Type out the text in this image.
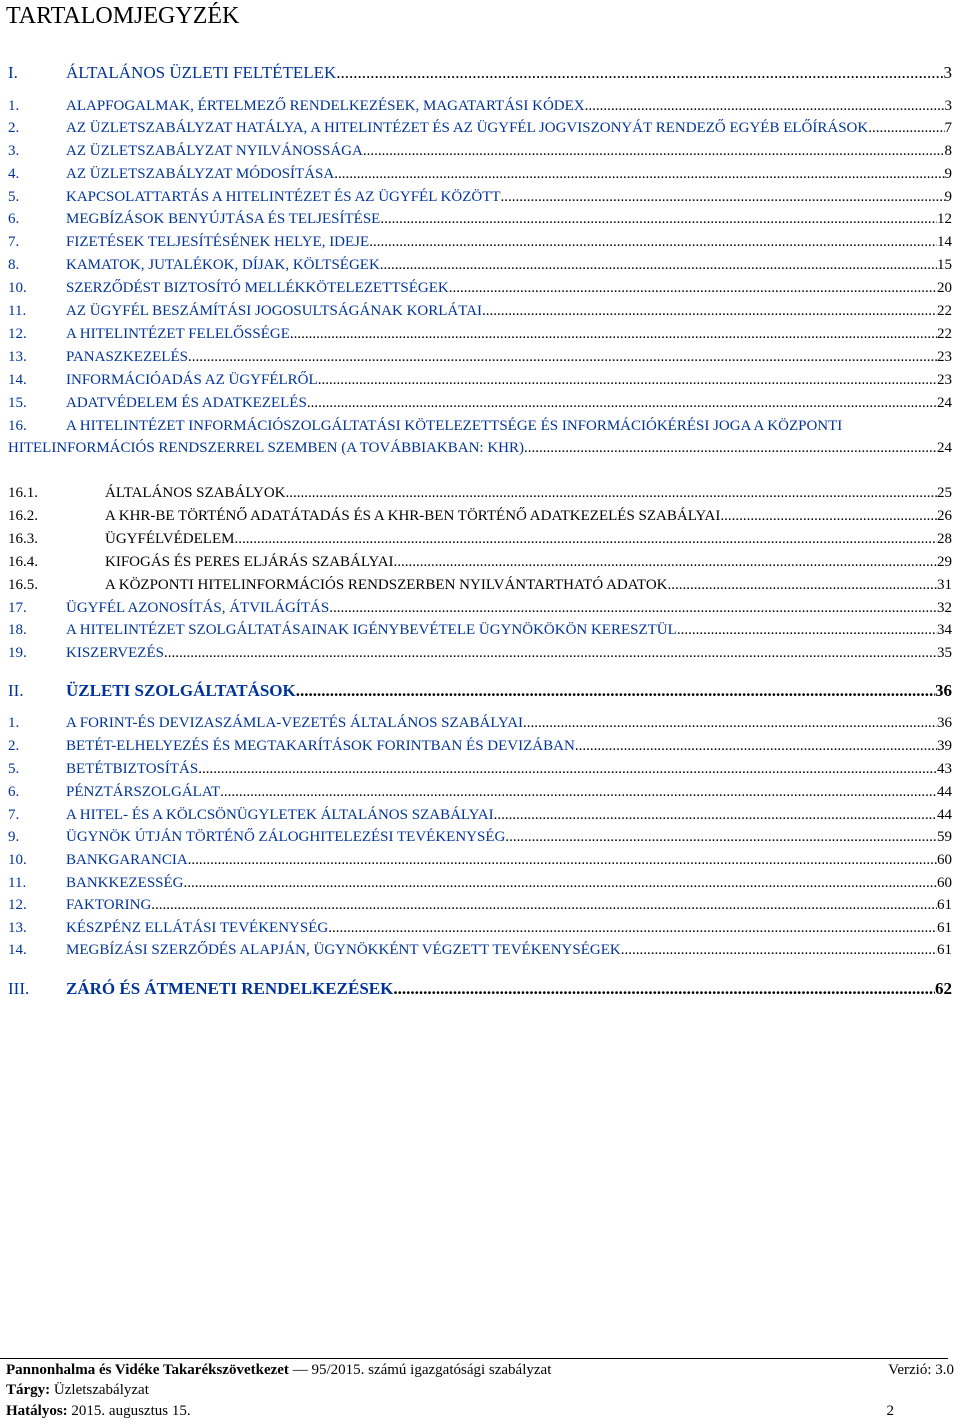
TARTALOMJEGYZÉK
I.	ÁLTALÁNOS ÜZLETI FELTÉTELEK .....	3
1.	ALAPFOGALMAK, ÉRTELMEZŐ RENDELKEZÉSEK, MAGATARTÁSI KÓDEX .....	3
2.	AZ ÜZLETSZABÁLYZAT HATÁLYA, A HITELINTÉZET ÉS AZ ÜGYFÉL JOGVISZONYÁT RENDEZŐ EGYÉB ELŐÍRÁSOK .....	7
3.	AZ ÜZLETSZABÁLYZAT NYILVÁNOSSÁGA .....	8
4.	AZ ÜZLETSZABÁLYZAT MÓDOSÍTÁSA .....	9
5.	KAPCSOLATTARTÁS A HITELINTÉZET ÉS AZ ÜGYFÉL KÖZÖTT .....	9
6.	MEGBÍZÁSOK BENYÚJTÁSA ÉS TELJESÍTÉSE .....	12
7.	FIZETÉSEK TELJESÍTÉSÉNEK HELYE, IDEJE .....	14
8.	KAMATOK, JUTALÉKOK, DÍJAK, KÖLTSÉGEK .....	15
10.	SZERZŐDÉST BIZTOSÍTÓ MELLÉKKÖTELEZETTSÉGEK .....	20
11.	AZ ÜGYFÉL BESZÁMÍTÁSI JOGOSULTSÁGÁNAK KORLÁTAI .....	22
12.	A HITELINTÉZET FELELŐSSÉGE .....	22
13.	PANASZKEZELÉS .....	23
14.	INFORMÁCIÓADÁS AZ ÜGYFÉLRŐL .....	23
15.	ADATVÉDELEM ÉS ADATKEZELÉS .....	24
16.	A HITELINTÉZET INFORMÁCIÓSZOLGÁLTATÁSI KÖTELEZETTSÉGE ÉS INFORMÁCIÓKÉRÉSI JOGA A KÖZPONTI
HITELINFORMÁCIÓS RENDSZERREL SZEMBEN (A TOVÁBBIAKBAN: KHR) .....	24
16.1.	ÁLTALÁNOS SZABÁLYOK .....	25
16.2.	A KHR-BE TÖRTÉNŐ ADATÁTADÁS ÉS A KHR-BEN TÖRTÉNŐ ADATKEZELÉS SZABÁLYAI .....	26
16.3.	ÜGYFÉLVÉDELEM .....	28
16.4.	KIFOGÁS ÉS PERES ELJÁRÁS SZABÁLYAI .....	29
16.5.	A KÖZPONTI HITELINFORMÁCIÓS RENDSZERBEN NYILVÁNTARTHATÓ ADATOK .....	31
17.	ÜGYFÉL AZONOSÍTÁS, ÁTVILÁGÍTÁS .....	32
18.	A HITELINTÉZET SZOLGÁLTATÁSAINAK IGÉNYBEVÉTELE ÜGYNÖKÖKÖN KERESZTÜL .....	34
19.	KISZERVEZÉS .....	35
II.	ÜZLETI SZOLGÁLTATÁSOK .....	36
1.	A FORINT-ÉS DEVIZASZÁMLA-VEZETÉS ÁLTALÁNOS SZABÁLYAI .....	36
2.	BETÉT-ELHELYEZÉS ÉS MEGTAKARÍTÁSOK FORINTBAN ÉS DEVIZÁBAN .....	39
5.	BETÉTBIZTOSÍTÁS .....	43
6.	PÉNZTÁRSZOLGÁLAT .....	44
7.	A HITEL- ÉS A KÖLCSÖNÜGYLETEK ÁLTALÁNOS SZABÁLYAI .....	44
9.	ÜGYNÖK ÚTJÁN TÖRTÉNŐ ZÁLOGHITELEZÉSI TEVÉKENYSÉG .....	59
10.	BANKGARANCIA .....	60
11.	BANKKEZESSÉG .....	60
12.	FAKTORING .....	61
13.	KÉSZPÉNZ ELLÁTÁSI TEVÉKENYSÉG .....	61
14.	MEGBÍZÁSI SZERZŐDÉS ALAPJÁN, ÜGYNÖKKÉNT VÉGZETT TEVÉKENYSÉGEK .....	61
III.	ZÁRÓ ÉS ÁTMENETI RENDELKEZÉSEK .....	62
Pannonhalma és Vidéke Takarékszövetkezet — 95/2015. számú igazgatósági szabályzat	Verzió: 3.0
Tárgy: Üzletszabályzat
Hatályos: 2015. augusztus 15.	2
